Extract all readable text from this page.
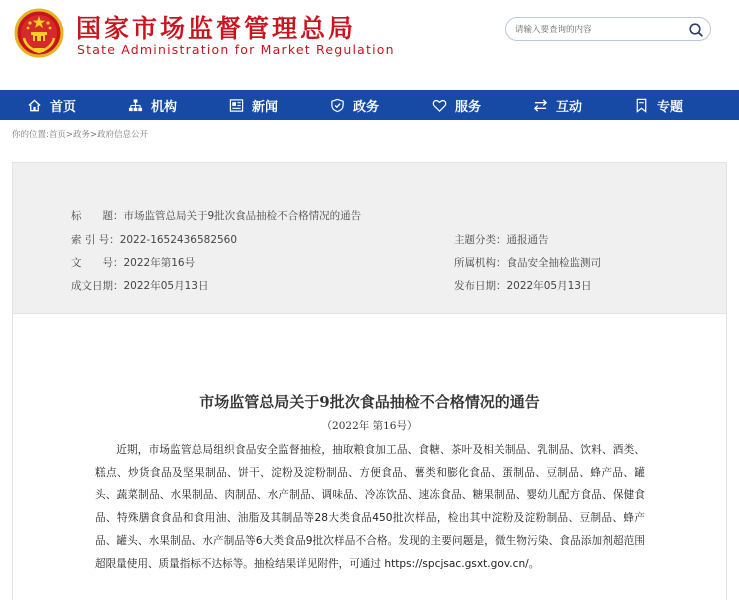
国家市场监督管理总局
State Administration for Market Regulation
请输入要查询的内容
首页	机构	新闻	政务	服务	互动	专题
你的位置:首页>政务>政府信息公开
标　　题：市场监管总局关于9批次食品抽检不合格情况的通告
索 引 号：2022-1652436582560	主题分类：通报通告
文　　号：2022年第16号	所属机构：食品安全抽检监测司
成文日期：2022年05月13日	发布日期：2022年05月13日
市场监管总局关于9批次食品抽检不合格情况的通告
（2022年 第16号）
近期，市场监管总局组织食品安全监督抽检，抽取粮食加工品、食糖、茶叶及相关制品、乳制品、饮料、酒类、糕点、炒货食品及坚果制品、饼干、淀粉及淀粉制品、方便食品、薯类和膨化食品、蛋制品、豆制品、蜂产品、罐头、蔬菜制品、水果制品、肉制品、水产制品、调味品、冷冻饮品、速冻食品、糖果制品、婴幼儿配方食品、保健食品、特殊膳食食品和食用油、油脂及其制品等28大类食品450批次样品，检出其中淀粉及淀粉制品、豆制品、蜂产品、罐头、水果制品、水产制品等6大类食品9批次样品不合格。发现的主要问题是，微生物污染、食品添加剂超范围超限量使用、质量指标不达标等。抽检结果详见附件，可通过 https://spcjsac.gsxt.gov.cn/。
